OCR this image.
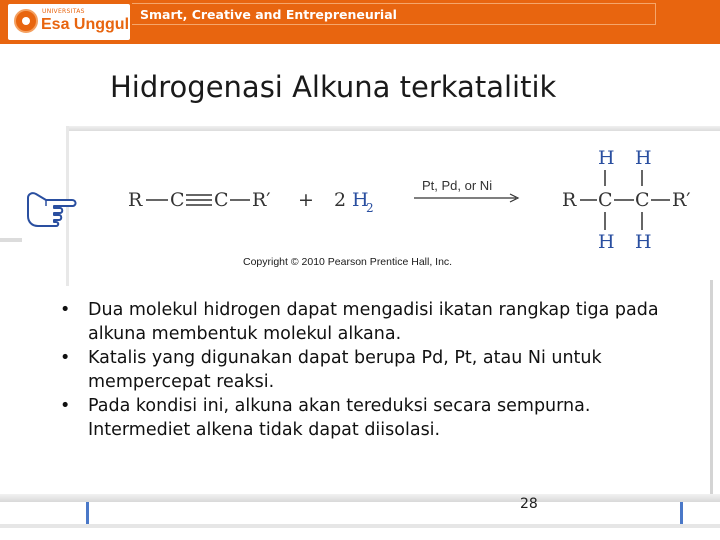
UNIVERSITAS
Esa Unggul
Smart, Creative and Entrepreneurial
Hidrogenasi Alkuna terkatalitik
R C C R′ + 2 H
2
Pt, Pd, or Ni
H H
R C C R′
H H
Copyright © 2010 Pearson Prentice Hall, Inc.
• Dua molekul hidrogen dapat mengadisi ikatan rangkap tiga pada alkuna membentuk molekul alkana.
• Katalis yang digunakan dapat berupa Pd, Pt, atau Ni untuk mempercepat reaksi.
• Pada kondisi ini, alkuna akan tereduksi secara sempurna. Intermediet alkena tidak dapat diisolasi.
28
